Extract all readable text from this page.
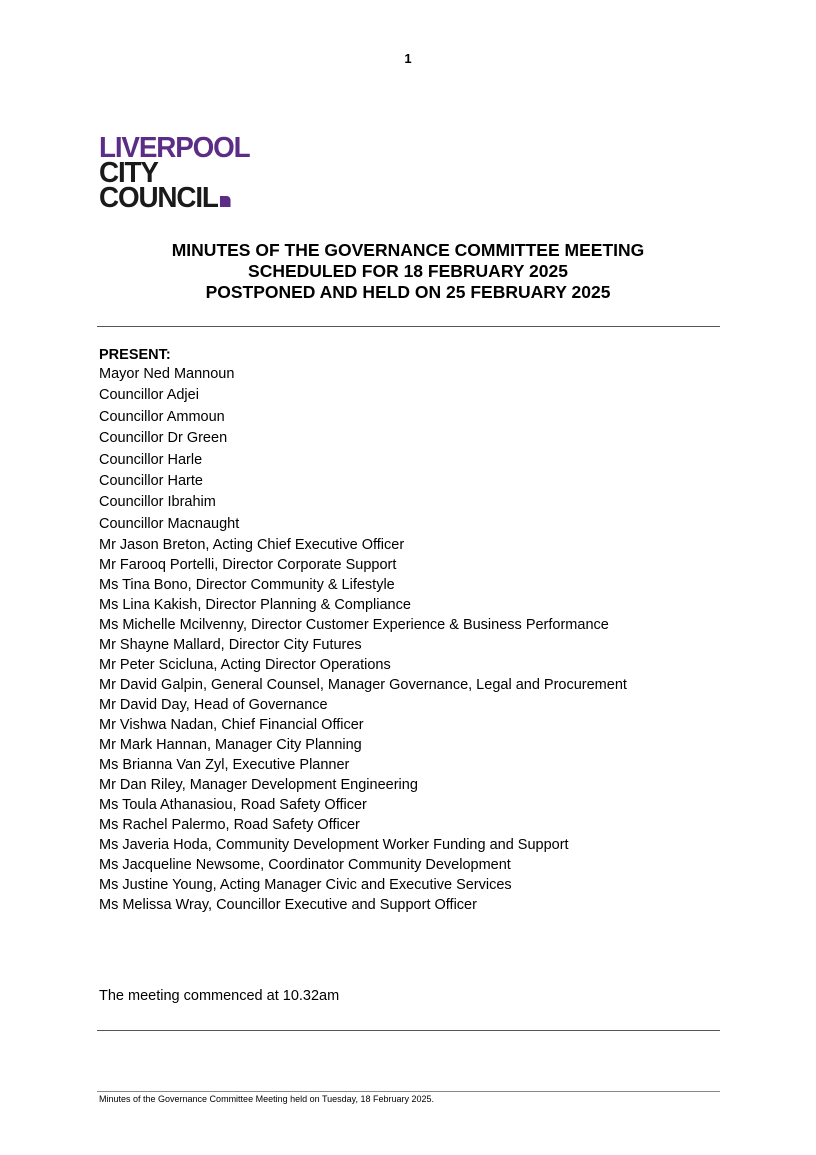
1
LIVERPOOL
CITY
COUNCIL
MINUTES OF THE GOVERNANCE COMMITTEE MEETING
SCHEDULED FOR 18 FEBRUARY 2025
POSTPONED AND HELD ON 25 FEBRUARY 2025
PRESENT:
Mayor Ned Mannoun
Councillor Adjei
Councillor Ammoun
Councillor Dr Green
Councillor Harle
Councillor Harte
Councillor Ibrahim
Councillor Macnaught
Mr Jason Breton, Acting Chief Executive Officer
Mr Farooq Portelli, Director Corporate Support
Ms Tina Bono, Director Community & Lifestyle
Ms Lina Kakish, Director Planning & Compliance
Ms Michelle Mcilvenny, Director Customer Experience & Business Performance
Mr Shayne Mallard, Director City Futures
Mr Peter Scicluna, Acting Director Operations
Mr David Galpin, General Counsel, Manager Governance, Legal and Procurement
Mr David Day, Head of Governance
Mr Vishwa Nadan, Chief Financial Officer
Mr Mark Hannan, Manager City Planning
Ms Brianna Van Zyl, Executive Planner
Mr Dan Riley, Manager Development Engineering
Ms Toula Athanasiou, Road Safety Officer
Ms Rachel Palermo, Road Safety Officer
Ms Javeria Hoda, Community Development Worker Funding and Support
Ms Jacqueline Newsome, Coordinator Community Development
Ms Justine Young, Acting Manager Civic and Executive Services
Ms Melissa Wray, Councillor Executive and Support Officer
The meeting commenced at 10.32am
Minutes of the Governance Committee Meeting held on Tuesday, 18 February 2025.
